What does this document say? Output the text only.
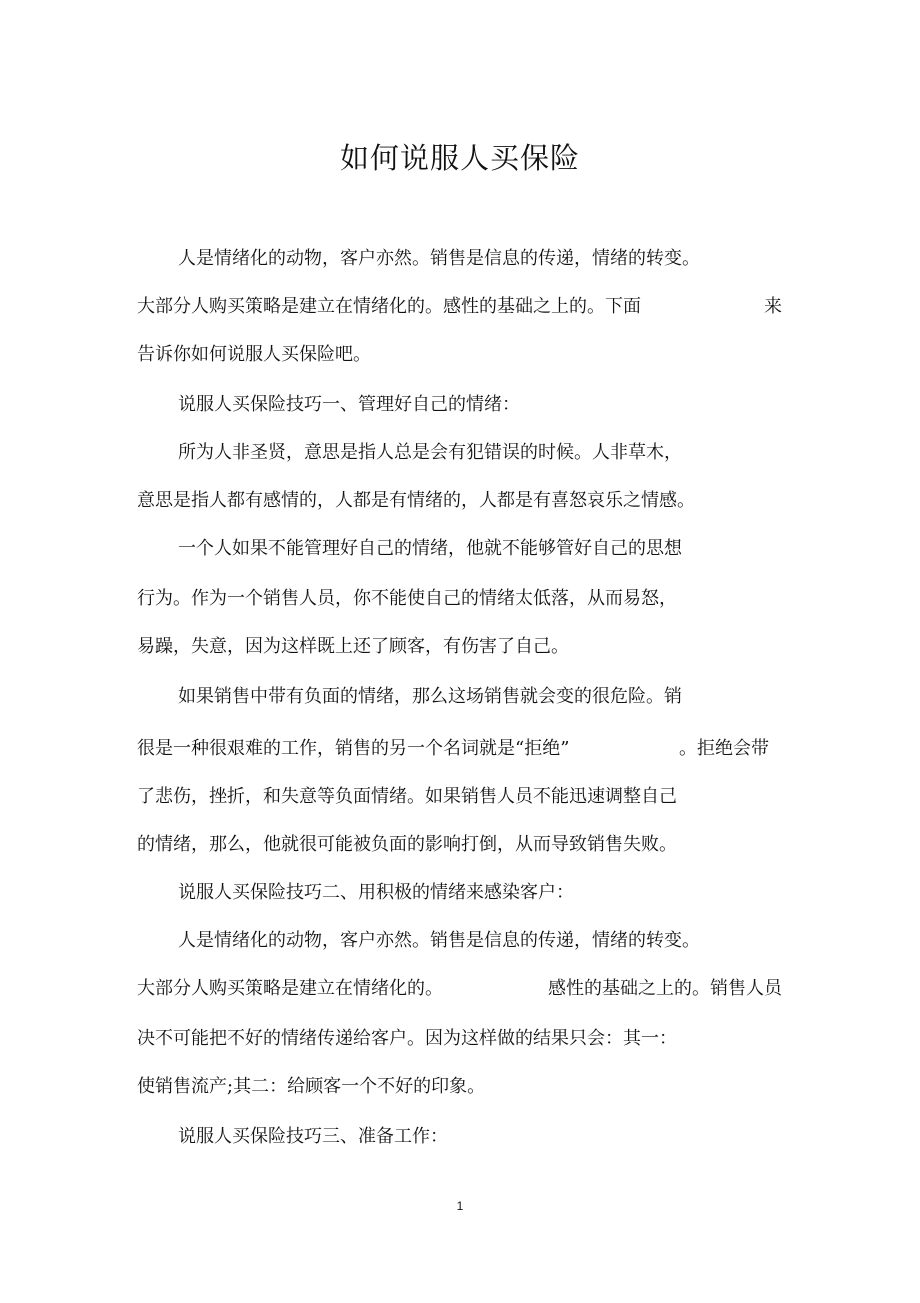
如何说服人买保险
人是情绪化的动物，客户亦然。销售是信息的传递，情绪的转变。
大部分人购买策略是建立在情绪化的。感性的基础之上的。下面	来
告诉你如何说服人买保险吧。
说服人买保险技巧一、管理好自己的情绪：
所为人非圣贤，意思是指人总是会有犯错误的时候。人非草木，
意思是指人都有感情的，人都是有情绪的，人都是有喜怒哀乐之情感。
一个人如果不能管理好自己的情绪，他就不能够管好自己的思想
行为。作为一个销售人员，你不能使自己的情绪太低落，从而易怒，
易躁，失意，因为这样既上还了顾客，有伤害了自己。
如果销售中带有负面的情绪，那么这场销售就会变的很危险。销
很是一种很艰难的工作，销售的另一个名词就是“拒绝”	。拒绝会带
了悲伤，挫折，和失意等负面情绪。如果销售人员不能迅速调整自己
的情绪，那么，他就很可能被负面的影响打倒，从而导致销售失败。
说服人买保险技巧二、用积极的情绪来感染客户：
人是情绪化的动物，客户亦然。销售是信息的传递，情绪的转变。
大部分人购买策略是建立在情绪化的。	感性的基础之上的。销售人员
决不可能把不好的情绪传递给客户。因为这样做的结果只会：其一：
使销售流产;其二：给顾客一个不好的印象。
说服人买保险技巧三、准备工作：
1
